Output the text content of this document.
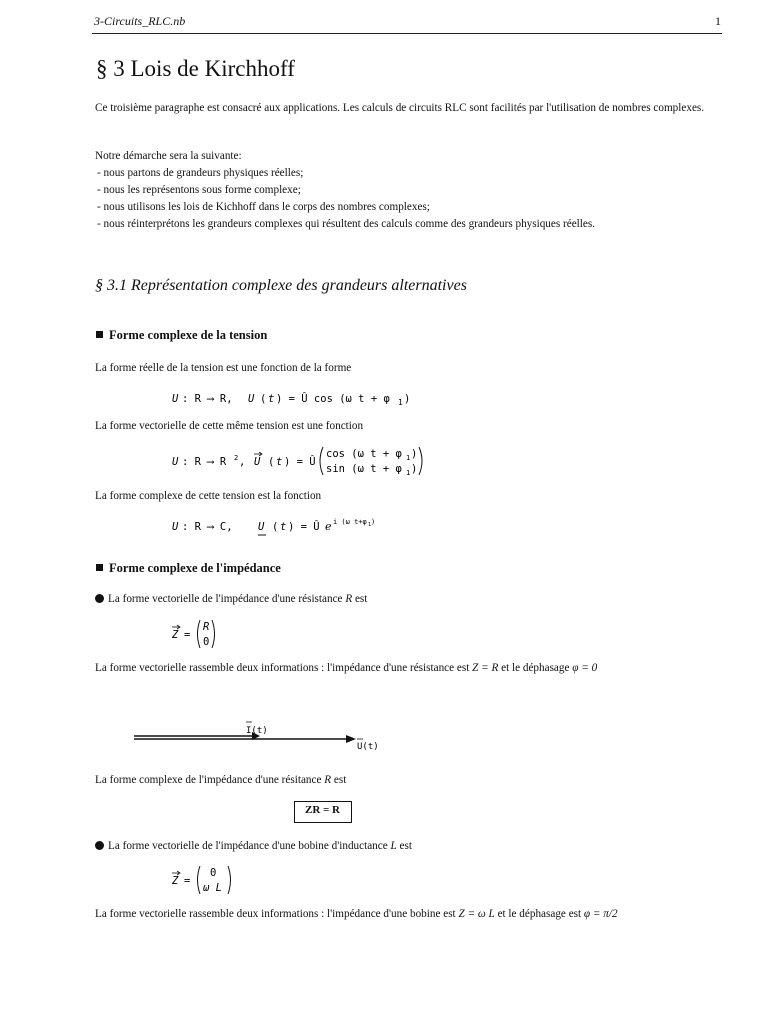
3-Circuits_RLC.nb	1
§ 3 Lois de Kirchhoff
Ce troisième paragraphe est consacré aux applications. Les calculs de circuits RLC sont facilités par l'utilisation de nombres complexes.
Notre démarche sera la suivante:
- nous partons de grandeurs physiques réelles;
- nous les représentons sous forme complexe;
- nous utilisons les lois de Kichhoff dans le corps des nombres complexes;
- nous réinterprétons les grandeurs complexes qui résultent des calculs comme des grandeurs physiques réelles.
§ 3.1 Représentation complexe des grandeurs alternatives
Forme complexe de la tension
La forme réelle de la tension est une fonction de la forme
U : R ⟶ R, U ( t ) = Û cos (ω t + φ 1 )
La forme vectorielle de cette même tension est une fonction
U : R ⟶ R 2 , U ( t ) = Û
cos (ω t + φ 1 )
sin (ω t + φ 1 )
La forme complexe de cette tension est la fonction
U : R ⟶ C, U ( t ) = Û e i (ω t+φ 1 )
Forme complexe de l'impédance
La forme vectorielle de l'impédance d'une résistance R est
Z =
R
0
La forme vectorielle rassemble deux informations : l'impédance d'une résistance est Z = R et le déphasage φ = 0
I(t)
U(t)
La forme complexe de l'impédance d'une résitance R est
ZR = R
La forme vectorielle de l'impédance d'une bobine d'inductance L est
Z =
0
ω L
La forme vectorielle rassemble deux informations : l'impédance d'une bobine est Z = ω L et le déphasage est φ = π/2
